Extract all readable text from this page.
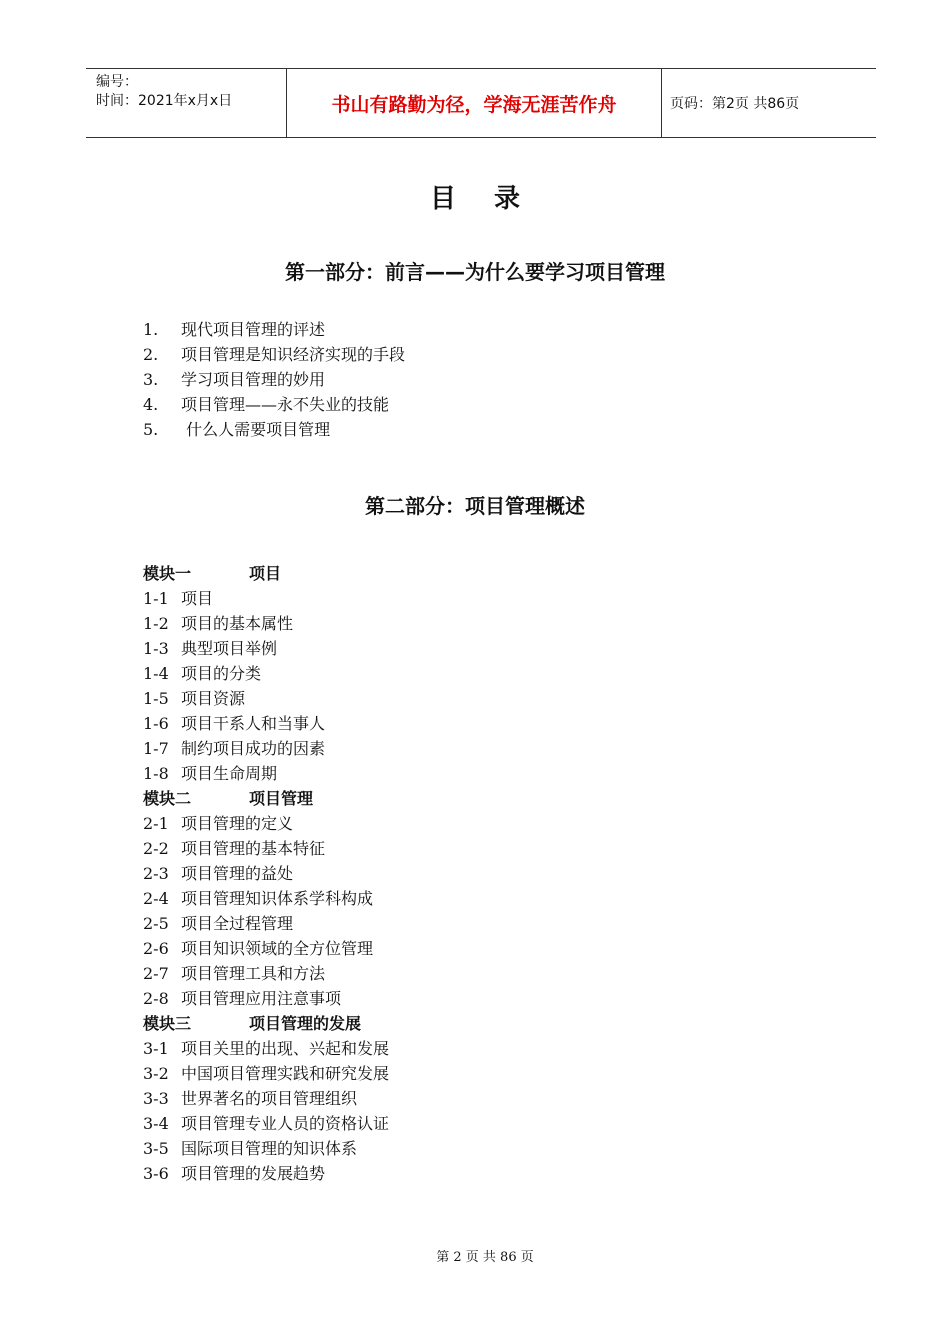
编号：
时间：2021年x月x日	书山有路勤为径，学海无涯苦作舟	页码：第2页 共86页
目录
第一部分：前言——为什么要学习项目管理
1. 现代项目管理的评述
2. 项目管理是知识经济实现的手段
3. 学习项目管理的妙用
4. 项目管理——永不失业的技能
5. 什么人需要项目管理
第二部分：项目管理概述
模块一	项目
1-1 项目
1-2 项目的基本属性
1-3 典型项目举例
1-4 项目的分类
1-5 项目资源
1-6 项目干系人和当事人
1-7 制约项目成功的因素
1-8 项目生命周期
模块二	项目管理
2-1 项目管理的定义
2-2 项目管理的基本特征
2-3 项目管理的益处
2-4 项目管理知识体系学科构成
2-5 项目全过程管理
2-6 项目知识领域的全方位管理
2-7 项目管理工具和方法
2-8 项目管理应用注意事项
模块三	项目管理的发展
3-1 项目关里的出现、兴起和发展
3-2 中国项目管理实践和研究发展
3-3 世界著名的项目管理组织
3-4 项目管理专业人员的资格认证
3-5 国际项目管理的知识体系
3-6 项目管理的发展趋势
第 2 页 共 86 页
